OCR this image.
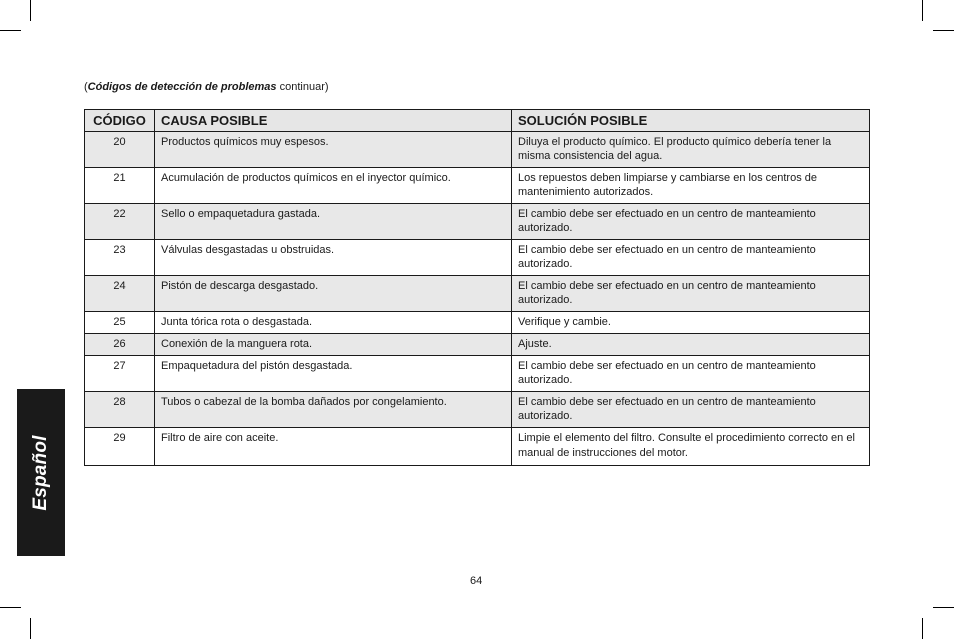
Español
(Códigos de detección de problemas continuar)
CÓDIGO	CAUSA POSIBLE	SOLUCIÓN POSIBLE
20	Productos químicos muy espesos.	Diluya el producto químico. El producto químico debería tener la misma consistencia del agua.
21	Acumulación de productos químicos en el inyector químico.	Los repuestos deben limpiarse y cambiarse en los centros de mantenimiento autorizados.
22	Sello o empaquetadura gastada.	El cambio debe ser efectuado en un centro de manteamiento autorizado.
23	Válvulas desgastadas u obstruidas.	El cambio debe ser efectuado en un centro de manteamiento autorizado.
24	Pistón de descarga desgastado.	El cambio debe ser efectuado en un centro de manteamiento autorizado.
25	Junta tórica rota o desgastada.	Verifique y cambie.
26	Conexión de la manguera rota.	Ajuste.
27	Empaquetadura del pistón desgastada.	El cambio debe ser efectuado en un centro de manteamiento autorizado.
28	Tubos o cabezal de la bomba dañados por congelamiento.	El cambio debe ser efectuado en un centro de manteamiento autorizado.
29	Filtro de aire con aceite.	Limpie el elemento del filtro. Consulte el procedimiento correcto en el manual de instrucciones del motor.
64
